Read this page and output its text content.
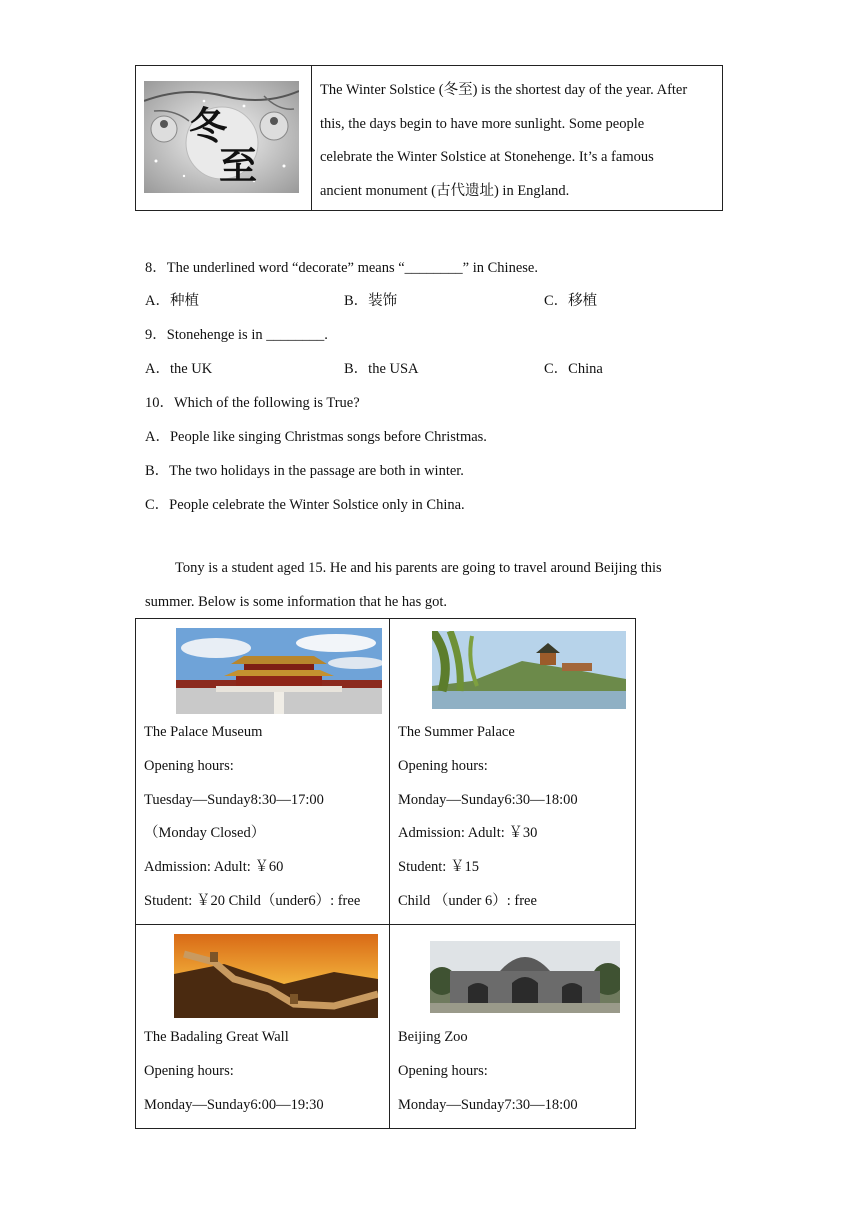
冬
至
The Winter Solstice (冬至) is the shortest day of the year. After
this, the days begin to have more sunlight. Some people
celebrate the Winter Solstice at Stonehenge. It’s a famous
ancient monument (古代遗址) in England.
8．The underlined word “decorate” means “________” in Chinese.
A．种植	B．装饰	C．移植
9．Stonehenge is in ________.
A．the UK	B．the USA	C．China
10．Which of the following is True?
A．People like singing Christmas songs before Christmas.
B．The two holidays in the passage are both in winter.
C．People celebrate the Winter Solstice only in China.
Tony is a student aged 15. He and his parents are going to travel around Beijing this
summer. Below is some information that he has got.
The Palace Museum
Opening hours:
Tuesday—Sunday8:30—17:00
（Monday Closed）
Admission: Adult: ￥60
Student: ￥20 Child（under6）: free
The Summer Palace
Opening hours:
Monday—Sunday6:30—18:00
Admission: Adult: ￥30
Student: ￥15
Child （under 6）: free
The Badaling Great Wall
Opening hours:
Monday—Sunday6:00—19:30
Beijing Zoo
Opening hours:
Monday—Sunday7:30—18:00
